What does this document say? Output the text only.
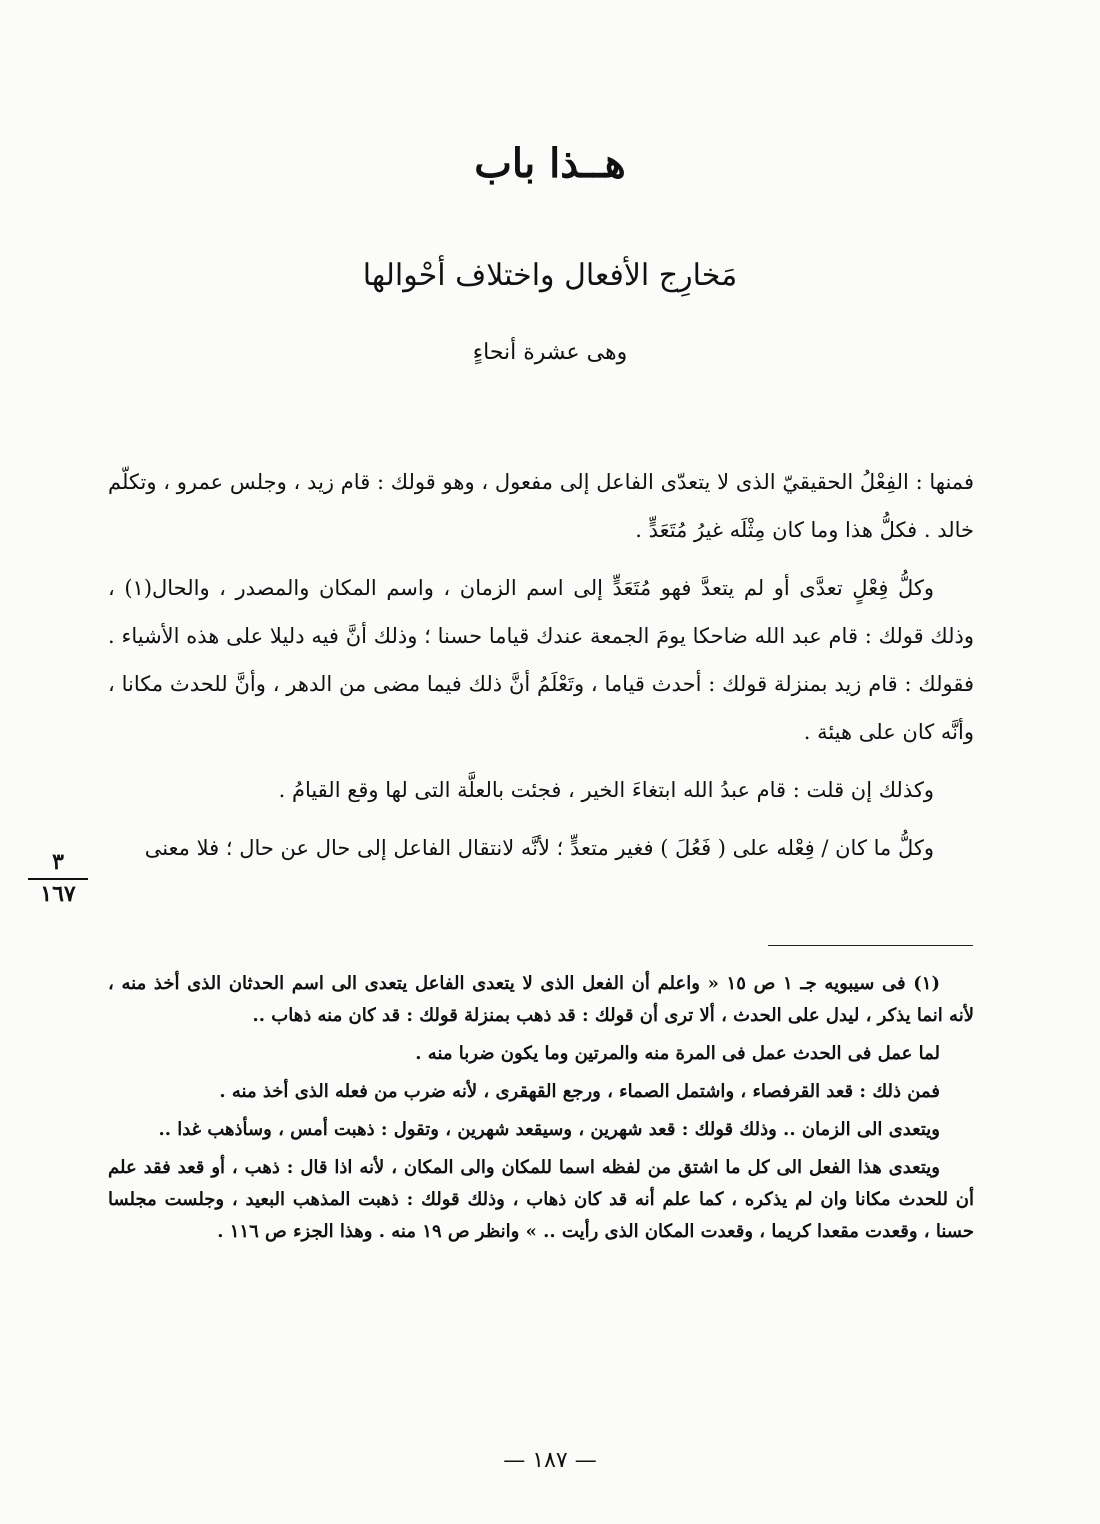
هــذا باب
مَخارِج الأفعال واختلاف أحْوالها
وهى عشرة أنحاءٍ

فمنها : الفِعْلُ الحقيقيّ الذى لا يتعدّى الفاعل إلى مفعول ، وهو قولك : قام زيد ، وجلس عمرو ، وتكلّم خالد . فكلُّ هذا وما كان مِثْلَه غيرُ مُتَعَدٍّ .

وكلُّ فِعْلٍ تعدَّى أو لم يتعدَّ فهو مُتَعَدٍّ إلى اسم الزمان ، واسم المكان والمصدر ، والحال(١) ، وذلك قولك : قام عبد الله ضاحكا يومَ الجمعة عندك قياما حسنا ؛ وذلك أنَّ فيه دليلا على هذه الأشياء . فقولك : قام زيد بمنزلة قولك : أحدث قياما ، وتَعْلَمُ أنَّ ذلك فيما مضى من الدهر ، وأنَّ للحدث مكانا ، وأنَّه كان على هيئة .

وكذلك إن قلت : قام عبدُ الله ابتغاءَ الخير ، فجئت بالعلَّة التى لها وقع القيامُ .

وكلُّ ما كان / فِعْله على ( فَعُلَ ) فغير متعدٍّ ؛ لأنَّه لانتقال الفاعل إلى حال عن حال ؛ فلا معنى

٣
١٦٧

(١) فى سيبويه جـ ١ ص ١٥ « واعلم أن الفعل الذى لا يتعدى الفاعل يتعدى الى اسم الحدثان الذى أخذ منه ، لأنه انما يذكر ، ليدل على الحدث ، ألا ترى أن قولك : قد ذهب بمنزلة قولك : قد كان منه ذهاب ..

لما عمل فى الحدث عمل فى المرة منه والمرتين وما يكون ضربا منه .

فمن ذلك : قعد القرفصاء ، واشتمل الصماء ، ورجع القهقرى ، لأنه ضرب من فعله الذى أخذ منه .

ويتعدى الى الزمان .. وذلك قولك : قعد شهرين ، وسيقعد شهرين ، وتقول : ذهبت أمس ، وسأذهب غدا ..

ويتعدى هذا الفعل الى كل ما اشتق من لفظه اسما للمكان والى المكان ، لأنه اذا قال : ذهب ، أو قعد فقد علم أن للحدث مكانا وان لم يذكره ، كما علم أنه قد كان ذهاب ، وذلك قولك : ذهبت المذهب البعيد ، وجلست مجلسا حسنا ، وقعدت مقعدا كريما ، وقعدت المكان الذى رأيت .. » وانظر ص ١٩ منه . وهذا الجزء ص ١١٦ .

— ١٨٧ —
